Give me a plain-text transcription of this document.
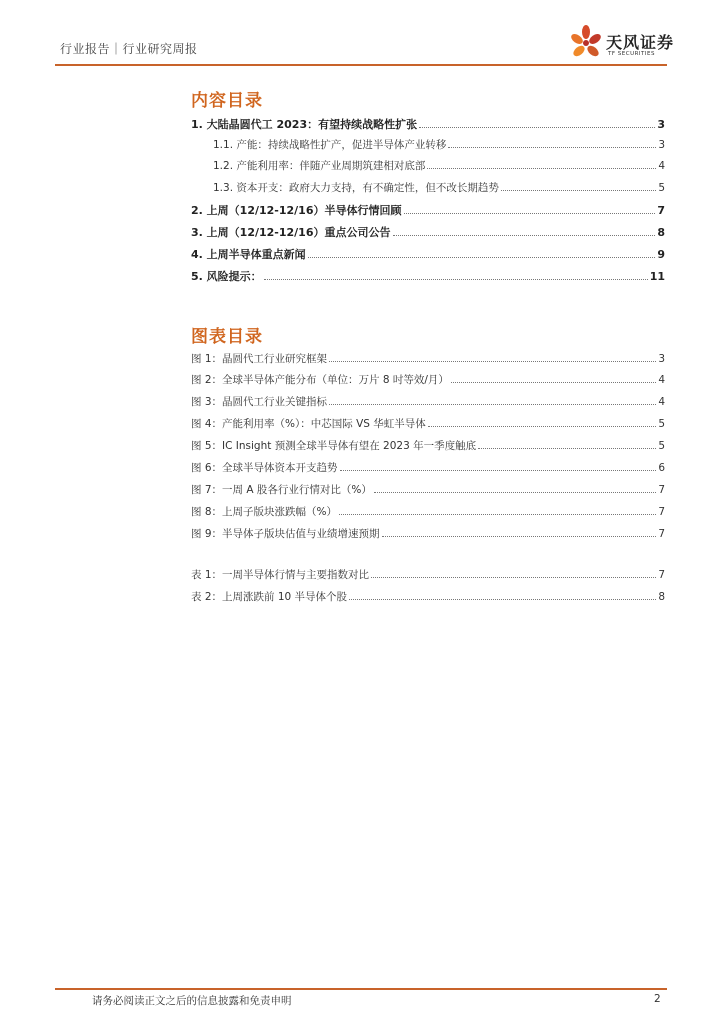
行业报告｜行业研究周报	天风证券
TF SECURITIES
内容目录
1. 大陆晶圆代工 2023：有望持续战略性扩张	3
1.1. 产能：持续战略性扩产，促进半导体产业转移	3
1.2. 产能利用率：伴随产业周期筑建相对底部	4
1.3. 资本开支：政府大力支持，有不确定性，但不改长期趋势	5
2. 上周（12/12-12/16）半导体行情回顾	7
3. 上周（12/12-12/16）重点公司公告	8
4. 上周半导体重点新闻	9
5. 风险提示：	11
图表目录
图 1：晶圆代工行业研究框架	3
图 2：全球半导体产能分布（单位：万片 8 吋等效/月）	4
图 3：晶圆代工行业关键指标	4
图 4：产能利用率（%）：中芯国际 VS 华虹半导体	5
图 5：IC Insight 预测全球半导体有望在 2023 年一季度触底	5
图 6：全球半导体资本开支趋势	6
图 7：一周 A 股各行业行情对比（%）	7
图 8：上周子版块涨跌幅（%）	7
图 9：半导体子版块估值与业绩增速预期	7
表 1：一周半导体行情与主要指数对比	7
表 2：上周涨跌前 10 半导体个股	8
请务必阅读正文之后的信息披露和免责申明	2
